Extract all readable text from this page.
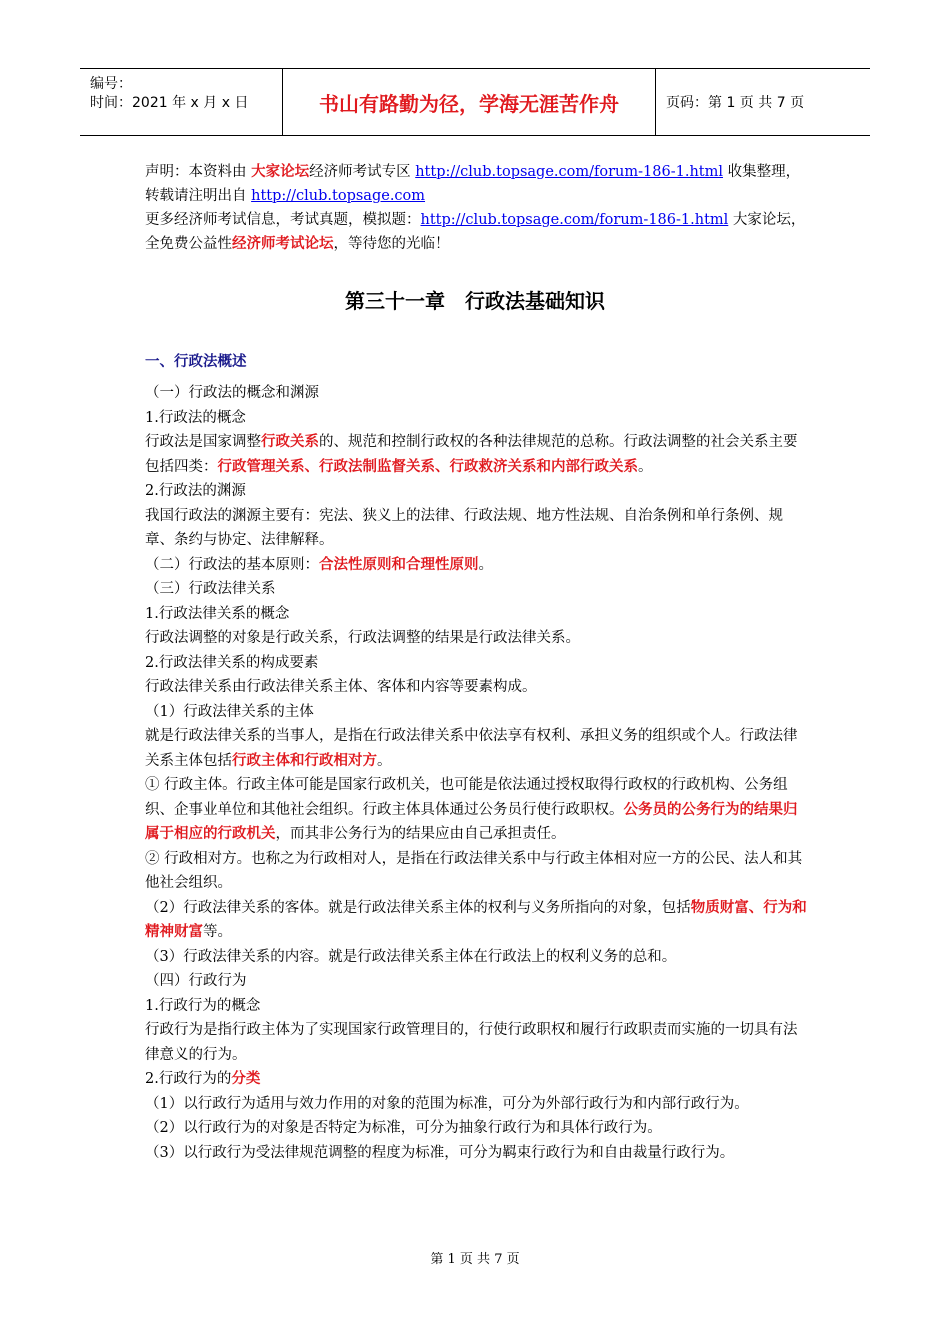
编号：
时间：2021 年 x 月 x 日	书山有路勤为径，学海无涯苦作舟	页码：第 1 页 共 7 页
声明：本资料由 大家论坛经济师考试专区 http://club.topsage.com/forum-186-1.html 收集整理，转载请注明出自 http://club.topsage.com
更多经济师考试信息，考试真题，模拟题：http://club.topsage.com/forum-186-1.html 大家论坛，全免费公益性经济师考试论坛，等待您的光临！
第三十一章　行政法基础知识
一、行政法概述

（一）行政法的概念和渊源

1.行政法的概念

行政法是国家调整行政关系的、规范和控制行政权的各种法律规范的总称。行政法调整的社会关系主要包括四类：行政管理关系、行政法制监督关系、行政救济关系和内部行政关系。

2.行政法的渊源

我国行政法的渊源主要有：宪法、狭义上的法律、行政法规、地方性法规、自治条例和单行条例、规章、条约与协定、法律解释。

（二）行政法的基本原则：合法性原则和合理性原则。

（三）行政法律关系

1.行政法律关系的概念

行政法调整的对象是行政关系，行政法调整的结果是行政法律关系。

2.行政法律关系的构成要素

行政法律关系由行政法律关系主体、客体和内容等要素构成。

（1）行政法律关系的主体

就是行政法律关系的当事人，是指在行政法律关系中依法享有权利、承担义务的组织或个人。行政法律关系主体包括行政主体和行政相对方。

① 行政主体。行政主体可能是国家行政机关，也可能是依法通过授权取得行政权的行政机构、公务组织、企事业单位和其他社会组织。行政主体具体通过公务员行使行政职权。公务员的公务行为的结果归属于相应的行政机关，而其非公务行为的结果应由自己承担责任。

② 行政相对方。也称之为行政相对人，是指在行政法律关系中与行政主体相对应一方的公民、法人和其他社会组织。

（2）行政法律关系的客体。就是行政法律关系主体的权利与义务所指向的对象，包括物质财富、行为和精神财富等。

（3）行政法律关系的内容。就是行政法律关系主体在行政法上的权利义务的总和。

（四）行政行为

1.行政行为的概念

行政行为是指行政主体为了实现国家行政管理目的，行使行政职权和履行行政职责而实施的一切具有法律意义的行为。

2.行政行为的分类

（1）以行政行为适用与效力作用的对象的范围为标准，可分为外部行政行为和内部行政行为。

（2）以行政行为的对象是否特定为标准，可分为抽象行政行为和具体行政行为。

（3）以行政行为受法律规范调整的程度为标准，可分为羁束行政行为和自由裁量行政行为。

第 1 页 共 7 页
